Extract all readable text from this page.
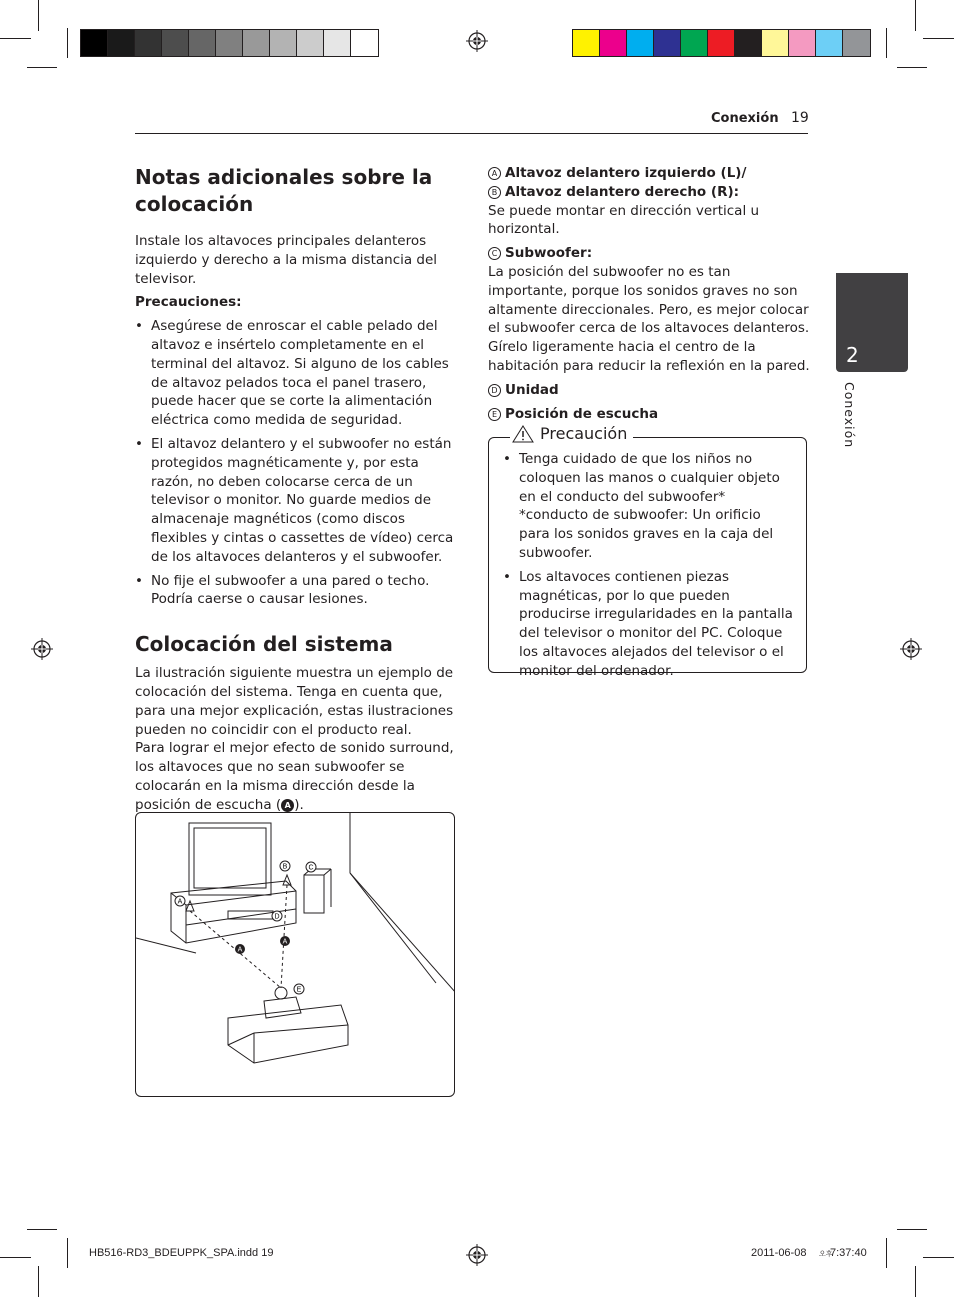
Conexión 19
2
Conexión
Notas adicionales sobre la colocación
Instale los altavoces principales delanteros izquierdo y derecho a la misma distancia del televisor.
Precauciones:
• Asegúrese de enroscar el cable pelado del altavoz e insértelo completamente en el terminal del altavoz. Si alguno de los cables de altavoz pelados toca el panel trasero, puede hacer que se corte la alimentación eléctrica como medida de seguridad.
• El altavoz delantero y el subwoofer no están protegidos magnéticamente y, por esta razón, no deben colocarse cerca de un televisor o monitor. No guarde medios de almacenaje magnéticos (como discos flexibles y cintas o cassettes de vídeo) cerca de los altavoces delanteros y el subwoofer.
• No fije el subwoofer a una pared o techo. Podría caerse o causar lesiones.
Colocación del sistema
La ilustración siguiente muestra un ejemplo de colocación del sistema. Tenga en cuenta que, para una mejor explicación, estas ilustraciones pueden no coincidir con el producto real.
Para lograr el mejor efecto de sonido surround, los altavoces que no sean subwoofer se colocarán en la misma dirección desde la posición de escucha ( A ).
A
B	C
D
E
A
A
A Altavoz delantero izquierdo (L)/
B Altavoz delantero derecho (R):
Se puede montar en dirección vertical u horizontal.
C Subwoofer:
La posición del subwoofer no es tan importante, porque los sonidos graves no son altamente direccionales. Pero, es mejor colocar el subwoofer cerca de los altavoces delanteros. Gírelo ligeramente hacia el centro de la habitación para reducir la reflexión en la pared.
D Unidad
E Posición de escucha
Precaución
• Tenga cuidado de que los niños no coloquen las manos o cualquier objeto en el conducto del subwoofer*
*conducto de subwoofer: Un orificio para los sonidos graves en la caja del subwoofer.
• Los altavoces contienen piezas magnéticas, por lo que pueden producirse irregularidades en la pantalla del televisor o monitor del PC. Coloque los altavoces alejados del televisor o el monitor del ordenador.
HB516-RD3_BDEUPPK_SPA.indd 19	2011-06-08 오후
7:37:40
